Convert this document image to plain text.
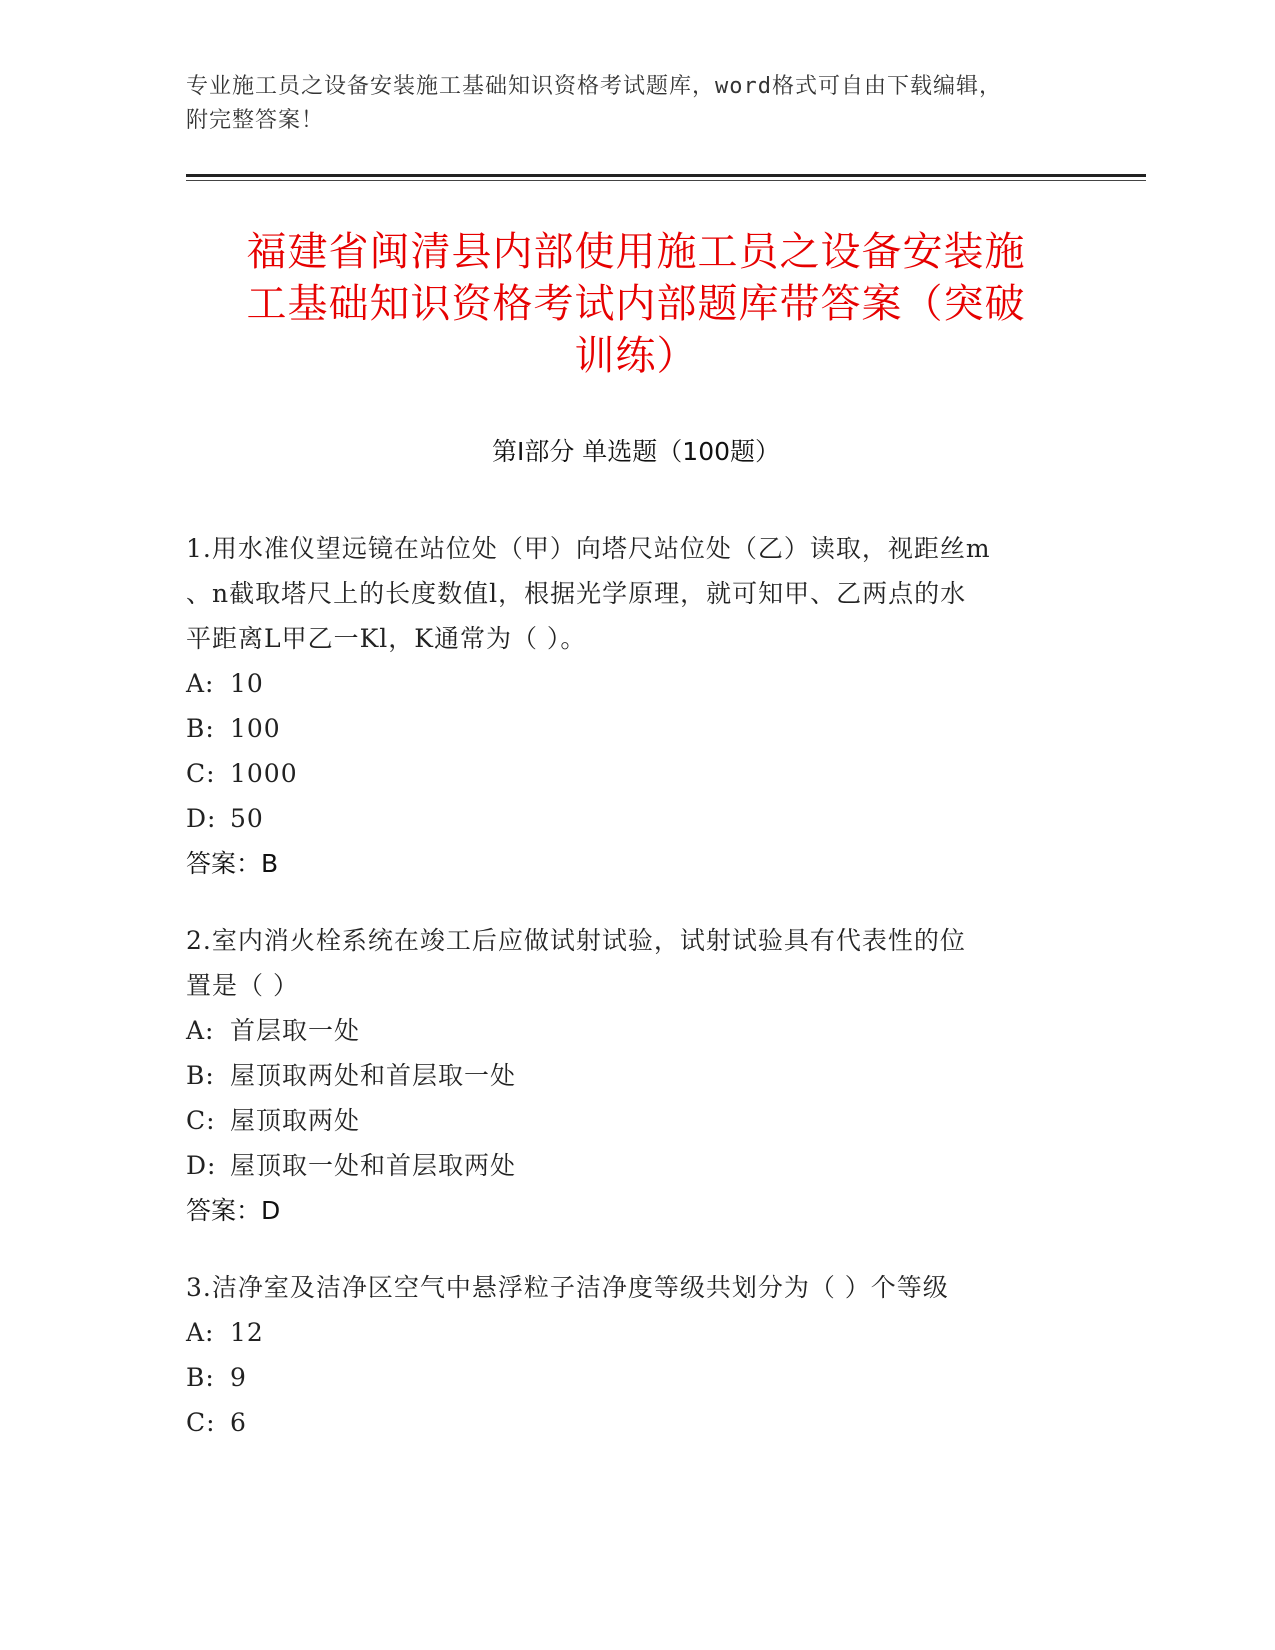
专业施工员之设备安装施工基础知识资格考试题库，word格式可自由下载编辑，
附完整答案！
福建省闽清县内部使用施工员之设备安装施
工基础知识资格考试内部题库带答案（突破
训练）
第Ⅰ部分 单选题（100题）

1.用水准仪望远镜在站位处（甲）向塔尺站位处（乙）读取，视距丝m

、n截取塔尺上的长度数值l，根据光学原理，就可知甲、乙两点的水

平距离L甲乙一Kl，K通常为（ ）。

A: 10

B: 100

C: 1000

D: 50

答案：B

2.室内消火栓系统在竣工后应做试射试验，试射试验具有代表性的位

置是（ ）

A: 首层取一处

B: 屋顶取两处和首层取一处

C: 屋顶取两处

D: 屋顶取一处和首层取两处

答案：D

3.洁净室及洁净区空气中悬浮粒子洁净度等级共划分为（ ）个等级

A: 12

B: 9

C: 6
